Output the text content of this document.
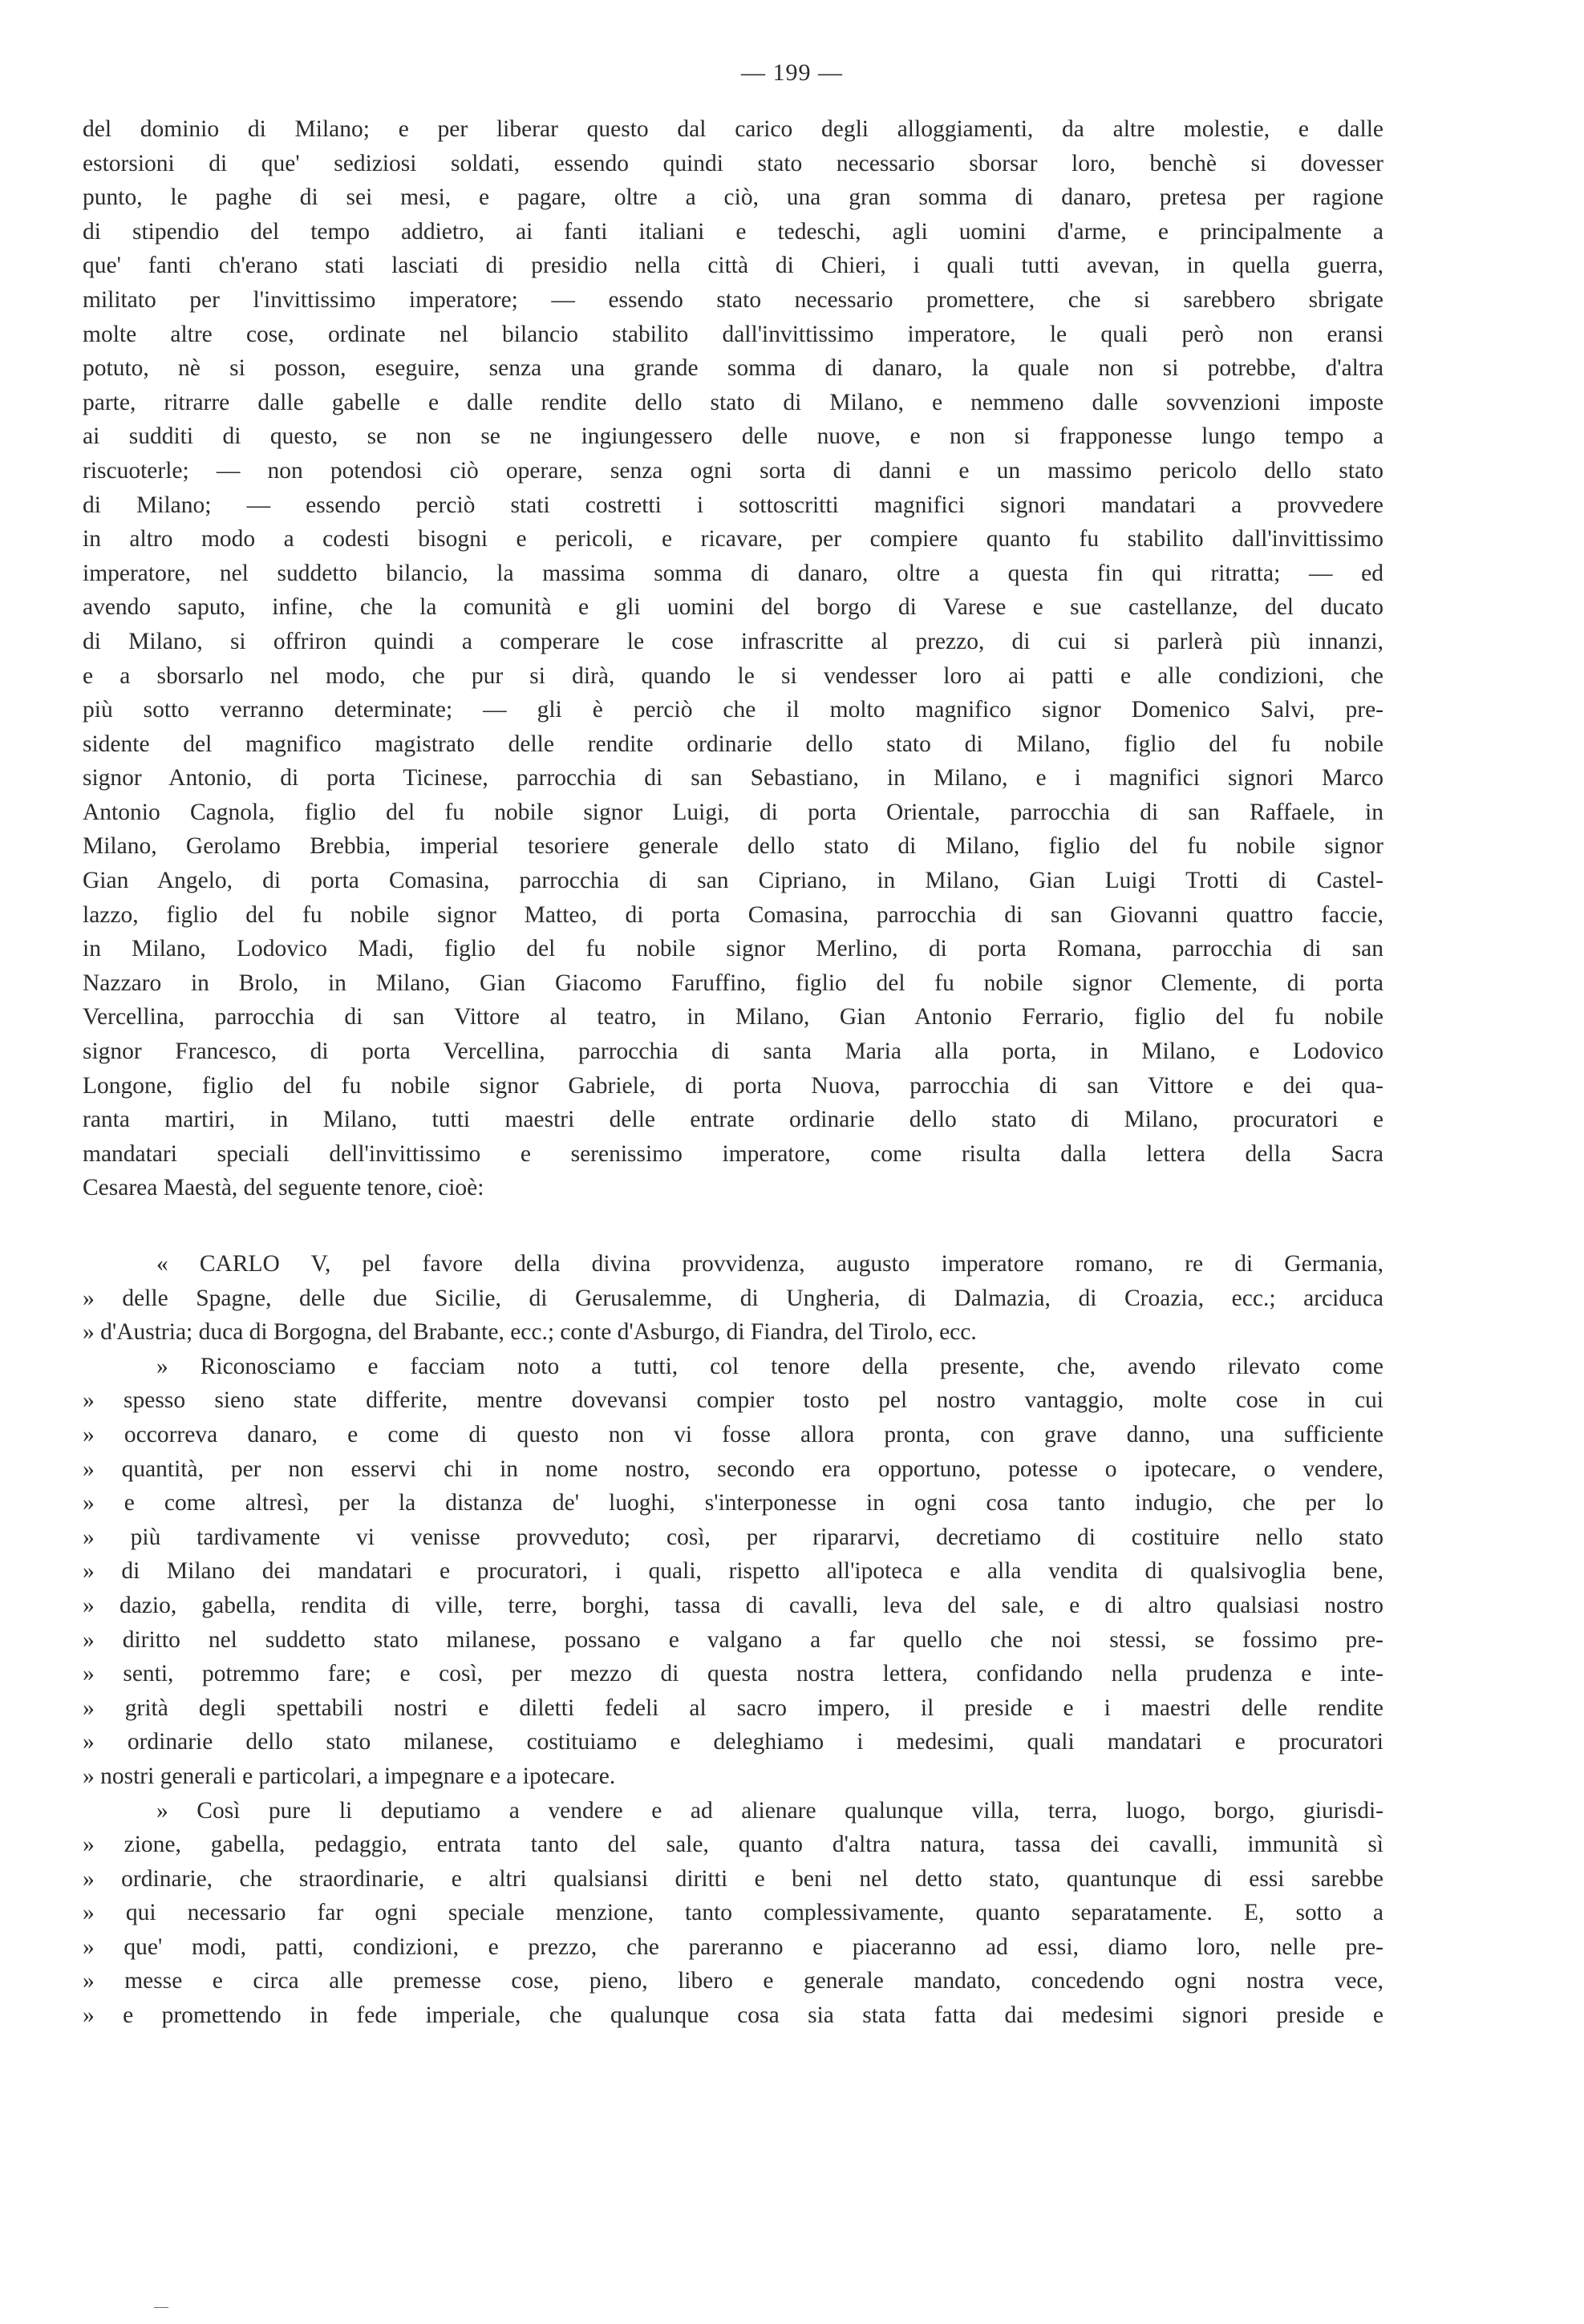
— 199 —
del dominio di Milano; e per liberar questo dal carico degli alloggiamenti, da altre molestie, e dalle
estorsioni di que' sediziosi soldati, essendo quindi stato necessario sborsar loro, benchè si dovesser
punto, le paghe di sei mesi, e pagare, oltre a ciò, una gran somma di danaro, pretesa per ragione
di stipendio del tempo addietro, ai fanti italiani e tedeschi, agli uomini d'arme, e principalmente a
que' fanti ch'erano stati lasciati di presidio nella città di Chieri, i quali tutti avevan, in quella guerra,
militato per l'invittissimo imperatore; — essendo stato necessario promettere, che si sarebbero sbrigate
molte altre cose, ordinate nel bilancio stabilito dall'invittissimo imperatore, le quali però non eransi
potuto, nè si posson, eseguire, senza una grande somma di danaro, la quale non si potrebbe, d'altra
parte, ritrarre dalle gabelle e dalle rendite dello stato di Milano, e nemmeno dalle sovvenzioni imposte
ai sudditi di questo, se non se ne ingiungessero delle nuove, e non si frapponesse lungo tempo a
riscuoterle; — non potendosi ciò operare, senza ogni sorta di danni e un massimo pericolo dello stato
di Milano; — essendo perciò stati costretti i sottoscritti magnifici signori mandatari a provvedere
in altro modo a codesti bisogni e pericoli, e ricavare, per compiere quanto fu stabilito dall'invittissimo
imperatore, nel suddetto bilancio, la massima somma di danaro, oltre a questa fin qui ritratta; — ed
avendo saputo, infine, che la comunità e gli uomini del borgo di Varese e sue castellanze, del ducato
di Milano, si offriron quindi a comperare le cose infrascritte al prezzo, di cui si parlerà più innanzi,
e a sborsarlo nel modo, che pur si dirà, quando le si vendesser loro ai patti e alle condizioni, che
più sotto verranno determinate; — gli è perciò che il molto magnifico signor Domenico Salvi, pre-
sidente del magnifico magistrato delle rendite ordinarie dello stato di Milano, figlio del fu nobile
signor Antonio, di porta Ticinese, parrocchia di san Sebastiano, in Milano, e i magnifici signori Marco
Antonio Cagnola, figlio del fu nobile signor Luigi, di porta Orientale, parrocchia di san Raffaele, in
Milano, Gerolamo Brebbia, imperial tesoriere generale dello stato di Milano, figlio del fu nobile signor
Gian Angelo, di porta Comasina, parrocchia di san Cipriano, in Milano, Gian Luigi Trotti di Castel-
lazzo, figlio del fu nobile signor Matteo, di porta Comasina, parrocchia di san Giovanni quattro faccie,
in Milano, Lodovico Madi, figlio del fu nobile signor Merlino, di porta Romana, parrocchia di san
Nazzaro in Brolo, in Milano, Gian Giacomo Faruffino, figlio del fu nobile signor Clemente, di porta
Vercellina, parrocchia di san Vittore al teatro, in Milano, Gian Antonio Ferrario, figlio del fu nobile
signor Francesco, di porta Vercellina, parrocchia di santa Maria alla porta, in Milano, e Lodovico
Longone, figlio del fu nobile signor Gabriele, di porta Nuova, parrocchia di san Vittore e dei qua-
ranta martiri, in Milano, tutti maestri delle entrate ordinarie dello stato di Milano, procuratori e
mandatari speciali dell'invittissimo e serenissimo imperatore, come risulta dalla lettera della Sacra
Cesarea Maestà, del seguente tenore, cioè:
« CARLO V, pel favore della divina provvidenza, augusto imperatore romano, re di Germania,
» delle Spagne, delle due Sicilie, di Gerusalemme, di Ungheria, di Dalmazia, di Croazia, ecc.; arciduca
» d'Austria; duca di Borgogna, del Brabante, ecc.; conte d'Asburgo, di Fiandra, del Tirolo, ecc.
» Riconosciamo e facciam noto a tutti, col tenore della presente, che, avendo rilevato come
» spesso sieno state differite, mentre dovevansi compier tosto pel nostro vantaggio, molte cose in cui
» occorreva danaro, e come di questo non vi fosse allora pronta, con grave danno, una sufficiente
» quantità, per non esservi chi in nome nostro, secondo era opportuno, potesse o ipotecare, o vendere,
» e come altresì, per la distanza de' luoghi, s'interponesse in ogni cosa tanto indugio, che per lo
» più tardivamente vi venisse provveduto; così, per ripararvi, decretiamo di costituire nello stato
» di Milano dei mandatari e procuratori, i quali, rispetto all'ipoteca e alla vendita di qualsivoglia bene,
» dazio, gabella, rendita di ville, terre, borghi, tassa di cavalli, leva del sale, e di altro qualsiasi nostro
» diritto nel suddetto stato milanese, possano e valgano a far quello che noi stessi, se fossimo pre-
» senti, potremmo fare; e così, per mezzo di questa nostra lettera, confidando nella prudenza e inte-
» grità degli spettabili nostri e diletti fedeli al sacro impero, il preside e i maestri delle rendite
» ordinarie dello stato milanese, costituiamo e deleghiamo i medesimi, quali mandatari e procuratori
» nostri generali e particolari, a impegnare e a ipotecare.
» Così pure li deputiamo a vendere e ad alienare qualunque villa, terra, luogo, borgo, giurisdi-
» zione, gabella, pedaggio, entrata tanto del sale, quanto d'altra natura, tassa dei cavalli, immunità sì
» ordinarie, che straordinarie, e altri qualsiansi diritti e beni nel detto stato, quantunque di essi sarebbe
» qui necessario far ogni speciale menzione, tanto complessivamente, quanto separatamente. E, sotto a
» que' modi, patti, condizioni, e prezzo, che pareranno e piaceranno ad essi, diamo loro, nelle pre-
» messe e circa alle premesse cose, pieno, libero e generale mandato, concedendo ogni nostra vece,
» e promettendo in fede imperiale, che qualunque cosa sia stata fatta dai medesimi signori preside e
—
